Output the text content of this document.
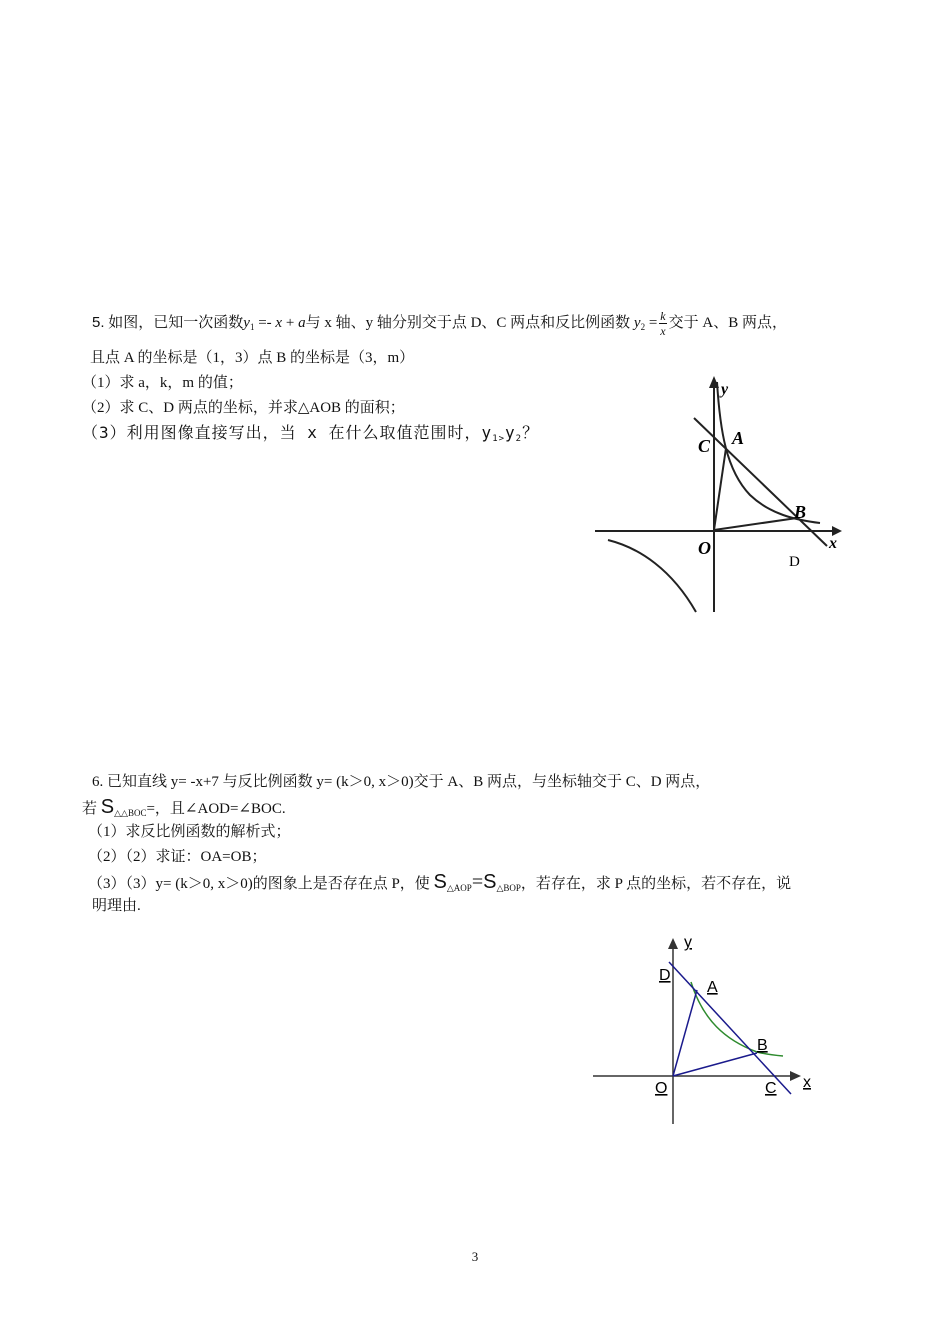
5. 如图，已知一次函数$y_1 =- x + a$与 x 轴、y 轴分别交于点 D、C 两点和反比例函数 $y_2 = \frac{k}{x}$ 交于 A、B 两点，
且点 A 的坐标是（1，3）点 B 的坐标是（3，m）
（1）求 a，k，m 的值；
（2）求 C、D 两点的坐标，并求△AOB 的面积；
（3）利用图像直接写出，当 x 在什么取值范围时，$y_{1>}y_2$？
y
C A
B
O	x
D
6. 已知直线 y= -x+7 与反比例函数 y= (k＞0, x＞0)交于 A、B 两点，与坐标轴交于 C、D 两点，
若 $S_{\triangle\triangle BOC}=$，且∠AOD=∠BOC.
（1）求反比例函数的解析式；
（2）（2）求证：OA=OB；
（3）（3）y= (k＞0, x＞0)的图象上是否存在点 P，使 $S_{\triangle AOP}=S_{\triangle BOP}$，若存在，求 P 点的坐标，若不存在，说
明理由.
y
D
A
B
O	C x
3
